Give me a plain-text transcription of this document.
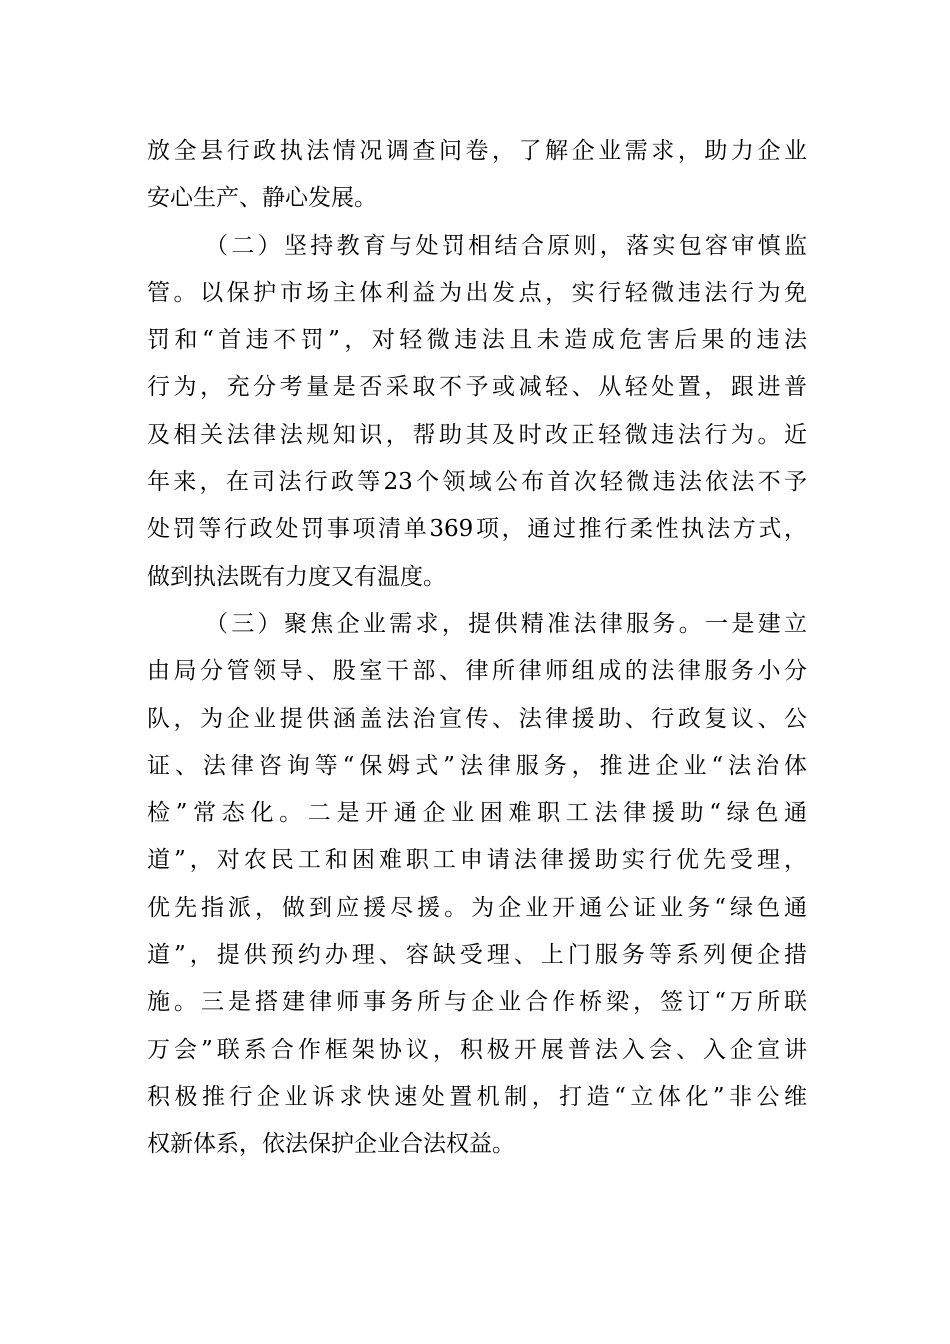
放全县行政执法情况调查问卷，了解企业需求，助力企业
安心生产、静心发展。
（二）坚持教育与处罚相结合原则，落实包容审慎监
管。以保护市场主体利益为出发点，实行轻微违法行为免
罚和“首违不罚”，对轻微违法且未造成危害后果的违法
行为，充分考量是否采取不予或减轻、从轻处置，跟进普
及相关法律法规知识，帮助其及时改正轻微违法行为。近
年来，在司法行政等23个领域公布首次轻微违法依法不予
处罚等行政处罚事项清单369项，通过推行柔性执法方式，
做到执法既有力度又有温度。
（三）聚焦企业需求，提供精准法律服务。一是建立
由局分管领导、股室干部、律所律师组成的法律服务小分
队，为企业提供涵盖法治宣传、法律援助、行政复议、公
证、法律咨询等“保姆式”法律服务，推进企业“法治体
检”常态化。二是开通企业困难职工法律援助“绿色通
道”，对农民工和困难职工申请法律援助实行优先受理，
优先指派，做到应援尽援。为企业开通公证业务“绿色通
道”，提供预约办理、容缺受理、上门服务等系列便企措
施。三是搭建律师事务所与企业合作桥梁，签订“万所联
万会”联系合作框架协议，积极开展普法入会、入企宣讲
积极推行企业诉求快速处置机制，打造“立体化”非公维
权新体系，依法保护企业合法权益。
